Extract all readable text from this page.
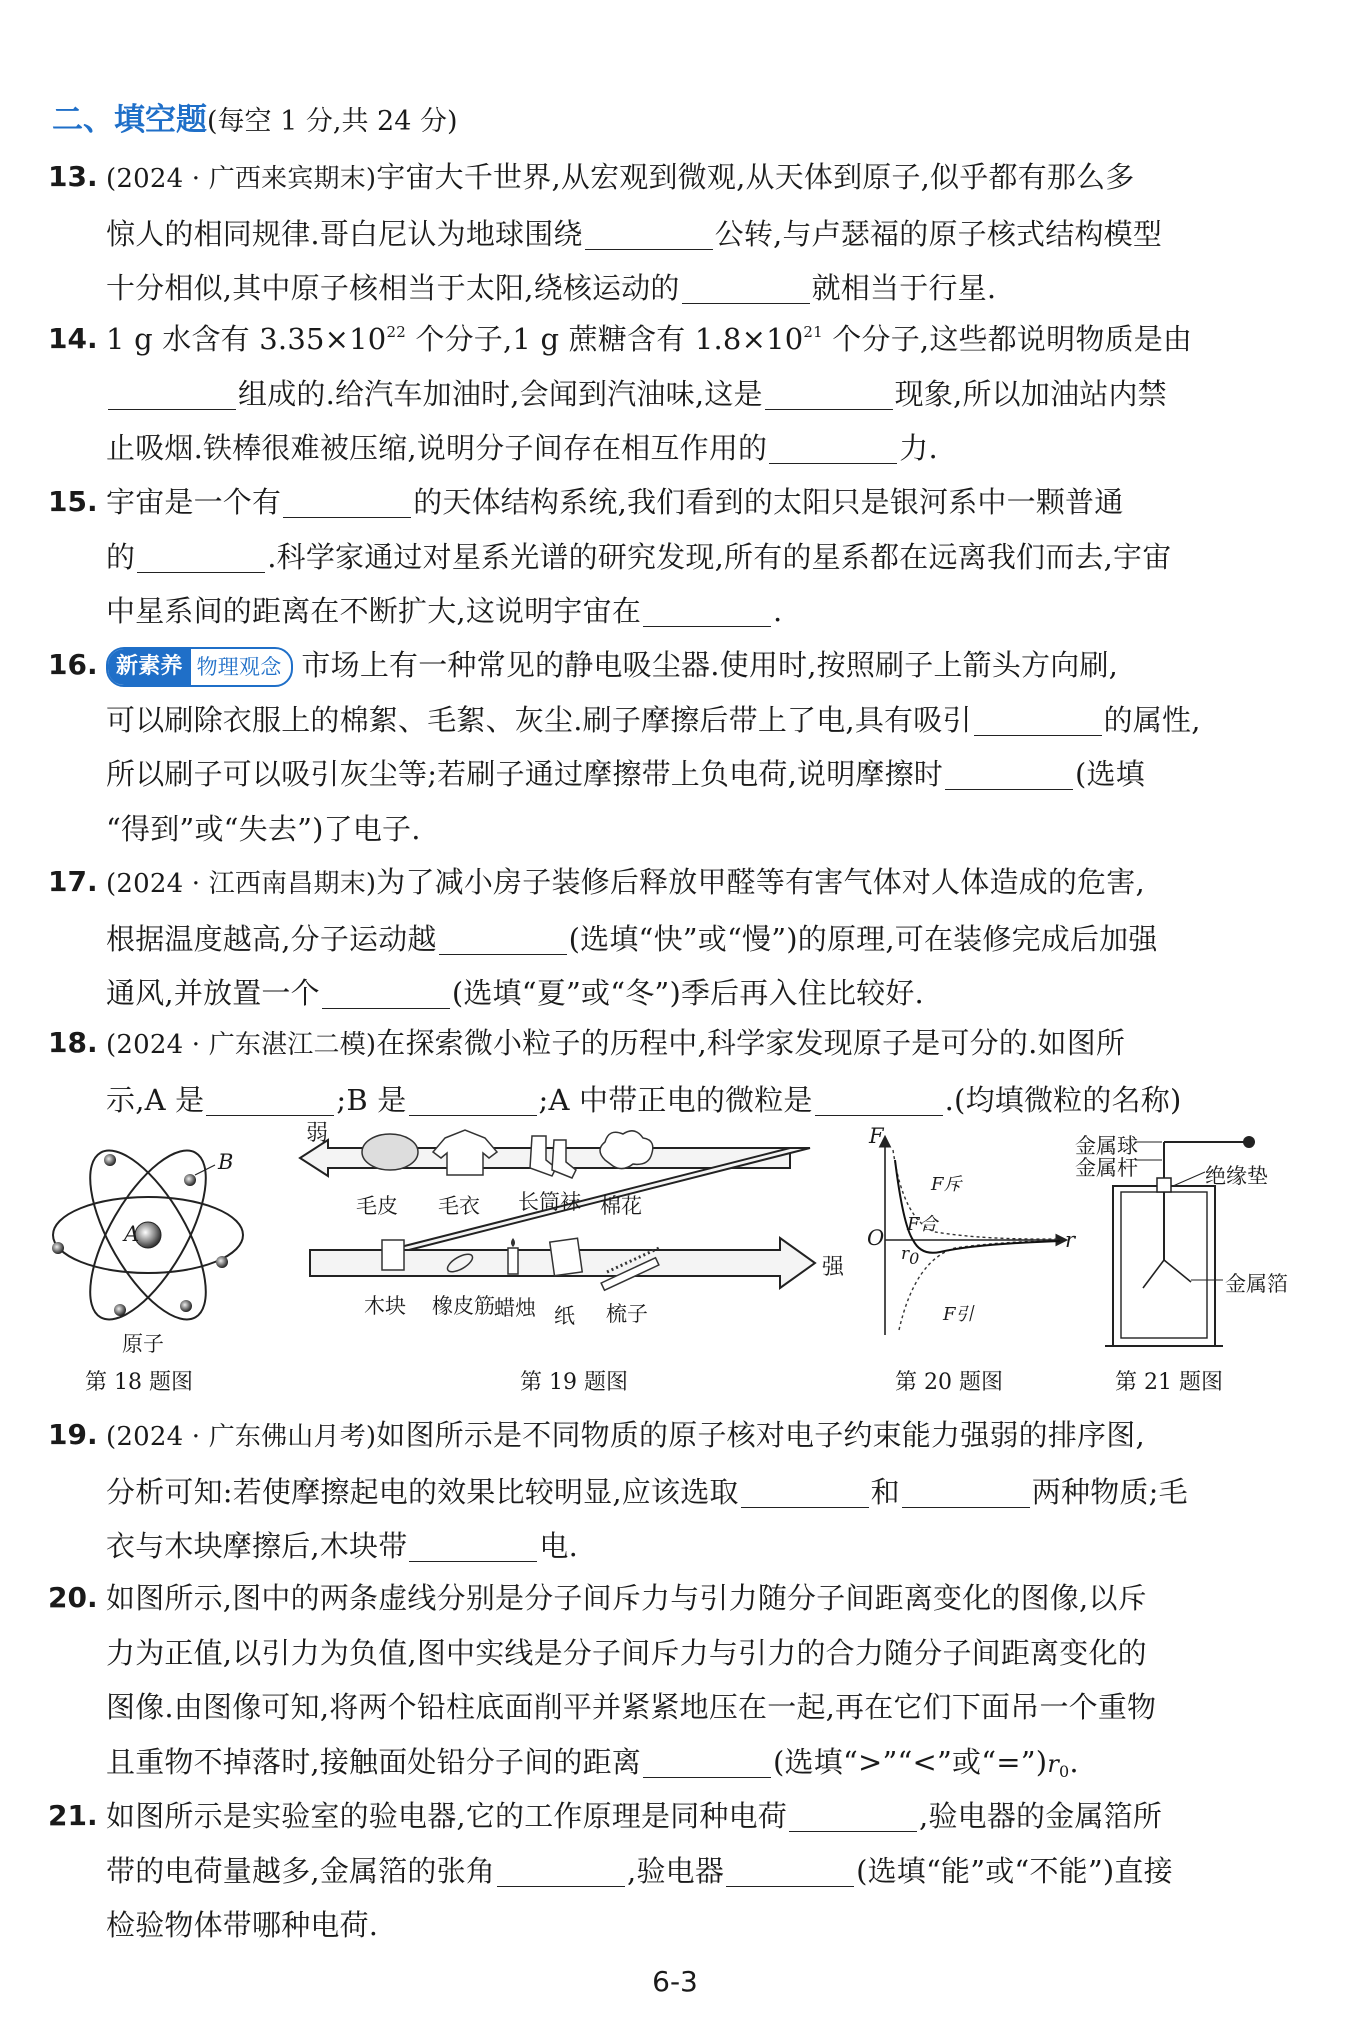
二、填空题(每空 1 分,共 24 分)
13. (2024 · 广西来宾期末)宇宙大千世界,从宏观到微观,从天体到原子,似乎都有那么多
惊人的相同规律.哥白尼认为地球围绕	公转,与卢瑟福的原子核式结构模型
十分相似,其中原子核相当于太阳,绕核运动的	就相当于行星.
14. 1 g 水含有 $3.35\times 10^{22}$ 个分子,1 g 蔗糖含有 $1.8\times 10^{21}$ 个分子,这些都说明物质是由
组成的.给汽车加油时,会闻到汽油味,这是	现象,所以加油站内禁
止吸烟.铁棒很难被压缩,说明分子间存在相互作用的	力.
15. 宇宙是一个有	的天体结构系统,我们看到的太阳只是银河系中一颗普通
的	.科学家通过对星系光谱的研究发现,所有的星系都在远离我们而去,宇宙
中星系间的距离在不断扩大,这说明宇宙在	.
16. 新素养 物理观念 市场上有一种常见的静电吸尘器.使用时,按照刷子上箭头方向刷,
可以刷除衣服上的棉絮、毛絮、灰尘.刷子摩擦后带上了电,具有吸引	的属性,
所以刷子可以吸引灰尘等;若刷子通过摩擦带上负电荷,说明摩擦时	(选填
“得到”或“失去”)了电子.
17. (2024 · 江西南昌期末)为了减小房子装修后释放甲醛等有害气体对人体造成的危害,
根据温度越高,分子运动越	(选填“快”或“慢”)的原理,可在装修完成后加强
通风,并放置一个	(选填“夏”或“冬”)季后再入住比较好.
18. (2024 · 广东湛江二模)在探索微小粒子的历程中,科学家发现原子是可分的.如图所
示,A 是	;B 是	;A 中带正电的微粒是	.(均填微粒的名称)
A
B
原子
第 18 题图
弱
强
毛皮 毛衣 长筒袜 棉花
木块 橡皮筋 蜡烛 纸 梳子
第 19 题图
F
O	r
$r_0$
F斥
F合
F引
第 20 题图
金属球
金属杆	绝缘垫
金属箔
第 21 题图
19. (2024 · 广东佛山月考)如图所示是不同物质的原子核对电子约束能力强弱的排序图,
分析可知:若使摩擦起电的效果比较明显,应该选取	和	两种物质;毛
衣与木块摩擦后,木块带	电.
20. 如图所示,图中的两条虚线分别是分子间斥力与引力随分子间距离变化的图像,以斥
力为正值,以引力为负值,图中实线是分子间斥力与引力的合力随分子间距离变化的
图像.由图像可知,将两个铅柱底面削平并紧紧地压在一起,再在它们下面吊一个重物
且重物不掉落时,接触面处铅分子间的距离	(选填“>”“<”或“$=”)r_0$.
21. 如图所示是实验室的验电器,它的工作原理是同种电荷	,验电器的金属箔所
带的电荷量越多,金属箔的张角	,验电器	(选填“能”或“不能”)直接
检验物体带哪种电荷.
6-3
